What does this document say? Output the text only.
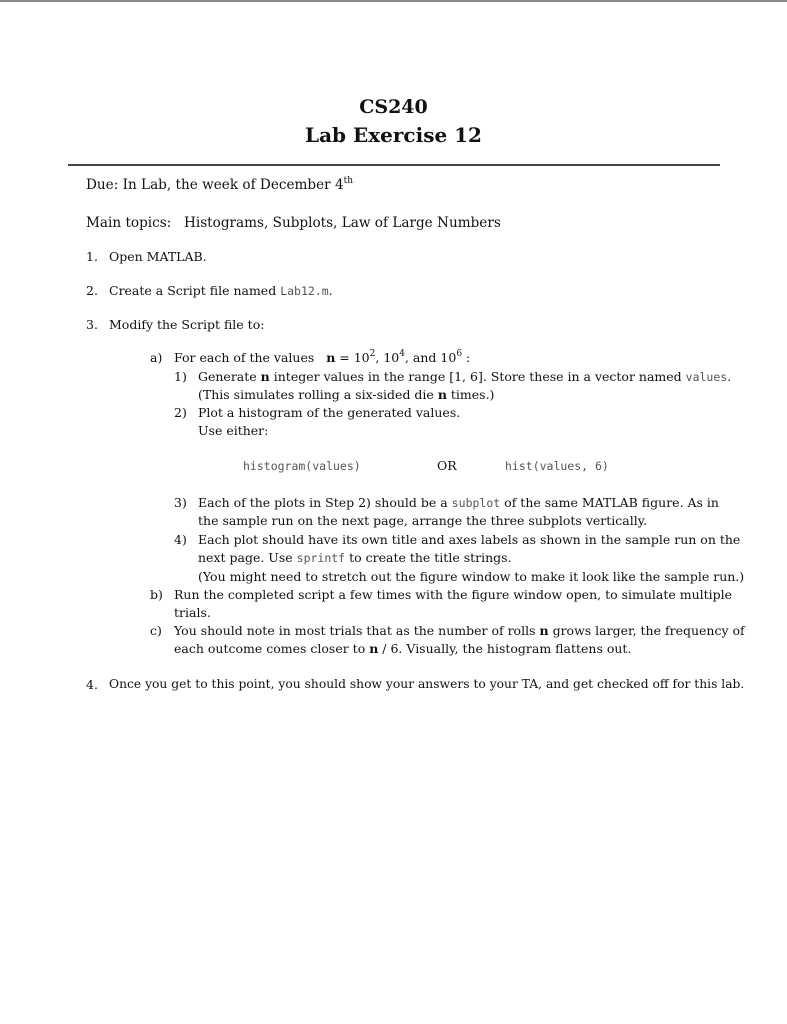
CS240
Lab Exercise 12
Due: In Lab, the week of December 4th
Main topics: Histograms, Subplots, Law of Large Numbers
1. Open MATLAB.
2. Create a Script file named Lab12.m.
3. Modify the Script file to:
a) For each of the values $n = 10^2$, $10^4$, and $10^6$ :
1) Generate n integer values in the range [1, 6]. Store these in a vector named values.
(This simulates rolling a six-sided die n times.)
2) Plot a histogram of the generated values.
Use either:
histogram(values)	OR	hist(values, 6)
3) Each of the plots in Step 2) should be a subplot of the same MATLAB figure. As in
the sample run on the next page, arrange the three subplots vertically.
4) Each plot should have its own title and axes labels as shown in the sample run on the
next page. Use sprintf to create the title strings.
(You might need to stretch out the figure window to make it look like the sample run.)
b) Run the completed script a few times with the figure window open, to simulate multiple
trials.
c) You should note in most trials that as the number of rolls n grows larger, the frequency of
each outcome comes closer to n / 6. Visually, the histogram flattens out.
4. Once you get to this point, you should show your answers to your TA, and get checked off for this lab.
